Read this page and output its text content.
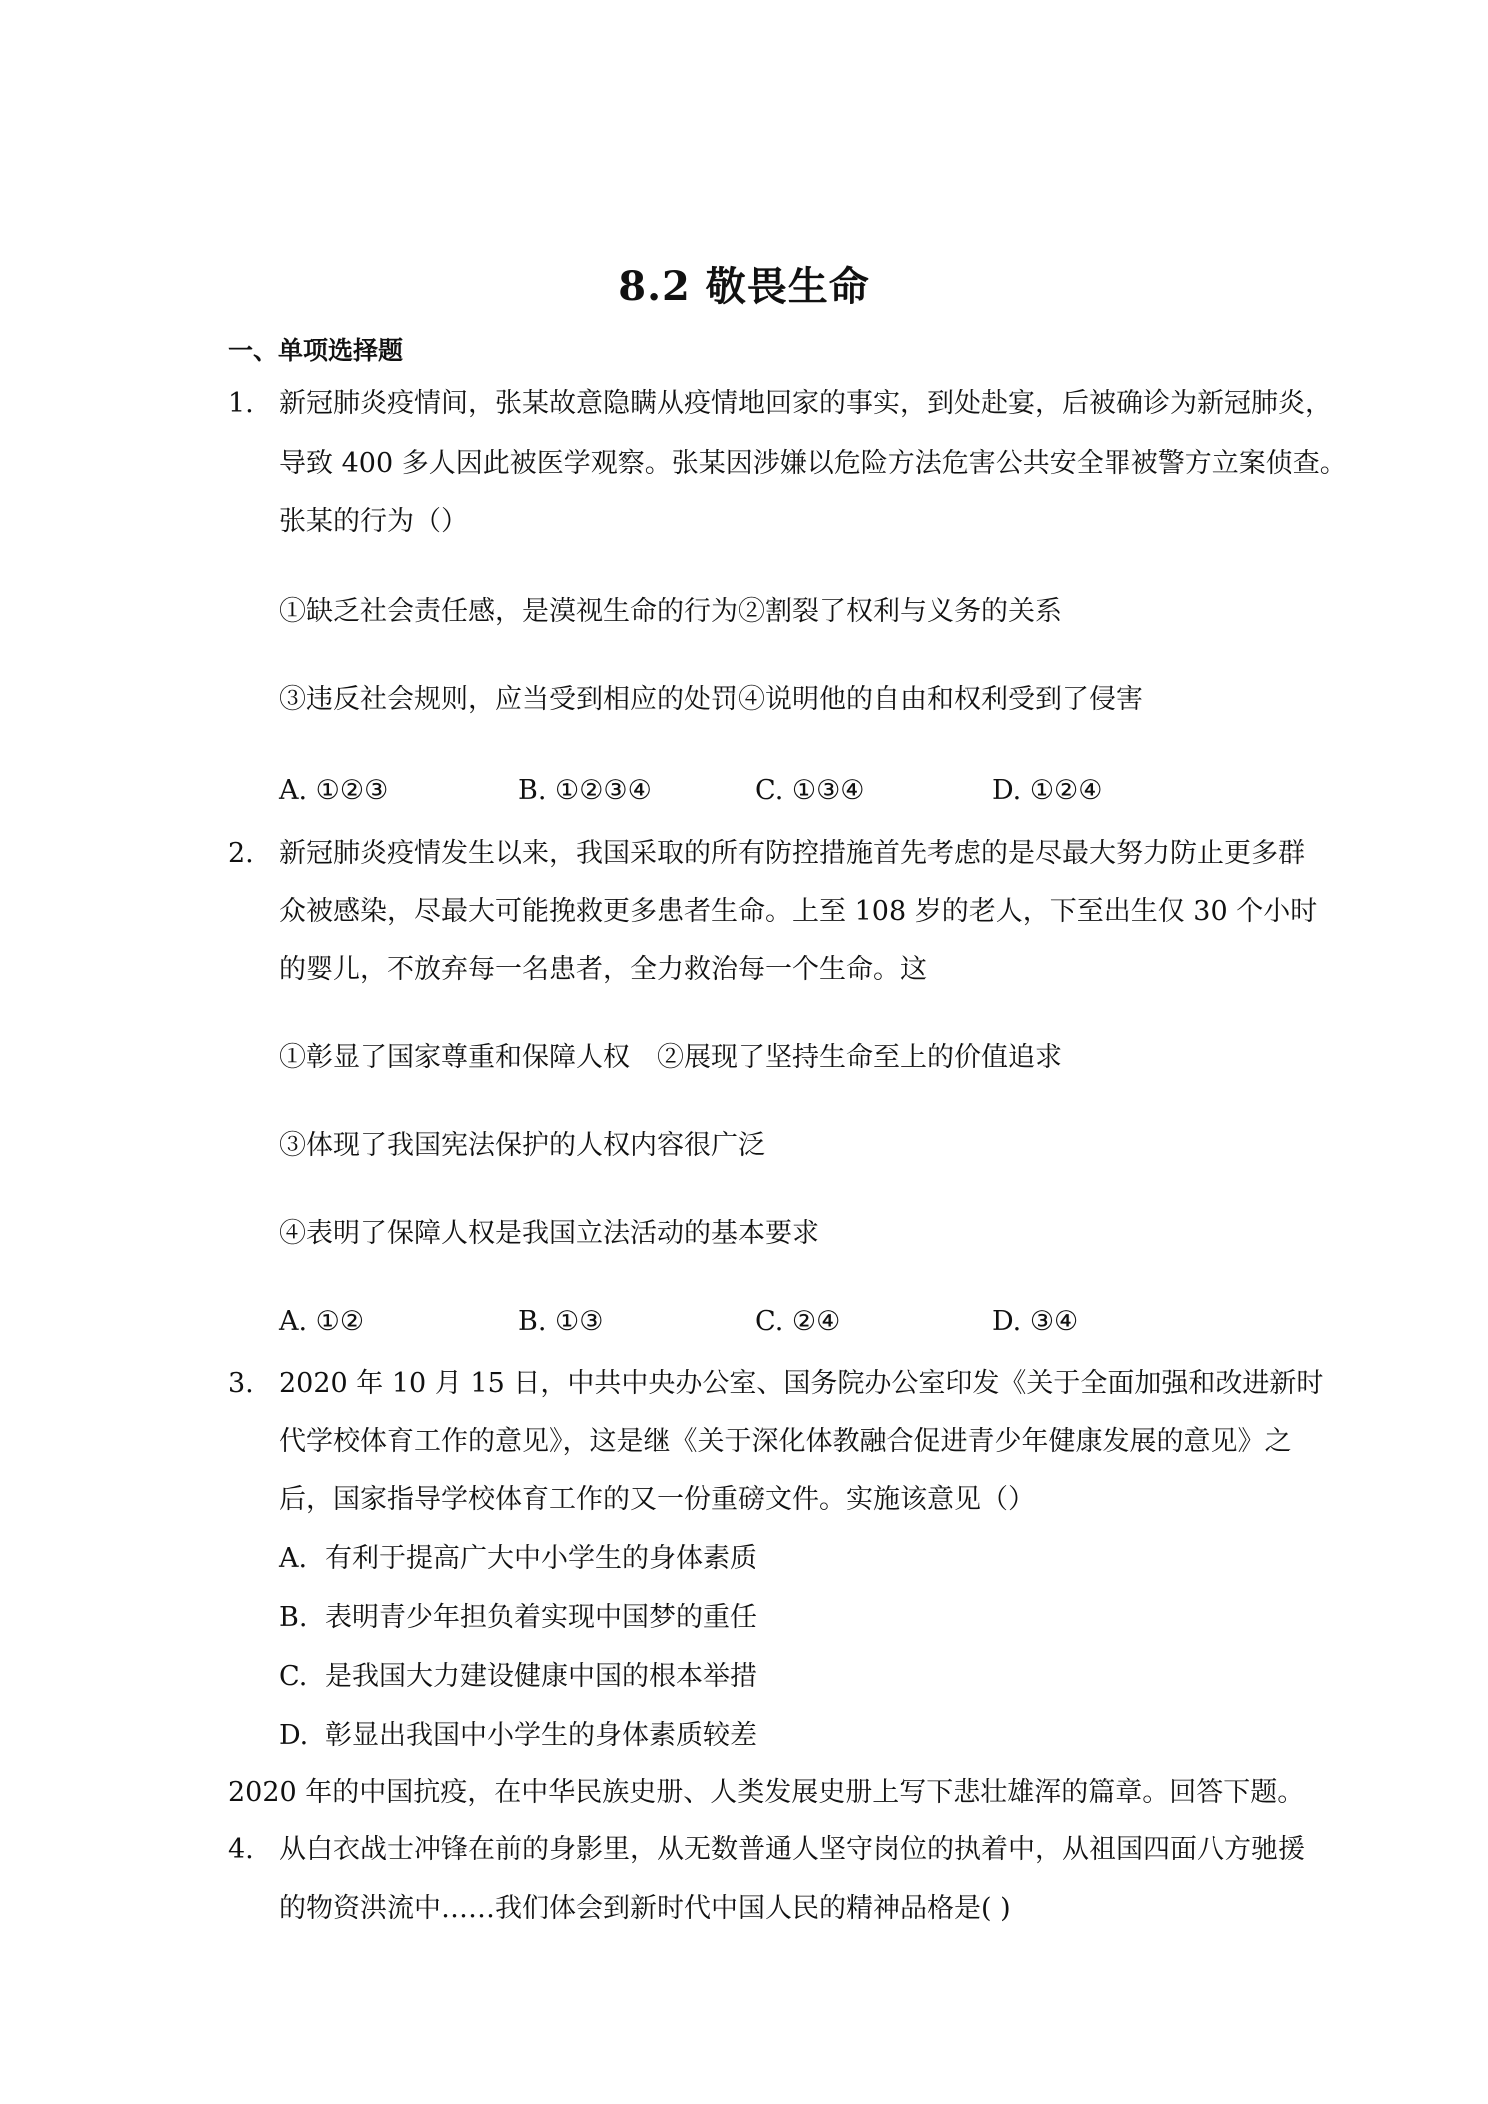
8.2 敬畏生命
一、单项选择题
1. 新冠肺炎疫情间，张某故意隐瞒从疫情地回家的事实，到处赴宴，后被确诊为新冠肺炎，
导致 400 多人因此被医学观察。张某因涉嫌以危险方法危害公共安全罪被警方立案侦查。
张某的行为（）
①缺乏社会责任感，是漠视生命的行为②割裂了权利与义务的关系
③违反社会规则，应当受到相应的处罚④说明他的自由和权利受到了侵害
A. ①②③	B. ①②③④	C. ①③④	D. ①②④
2. 新冠肺炎疫情发生以来，我国采取的所有防控措施首先考虑的是尽最大努力防止更多群
众被感染，尽最大可能挽救更多患者生命。上至 108 岁的老人，下至出生仅 30 个小时
的婴儿，不放弃每一名患者，全力救治每一个生命。这
①彰显了国家尊重和保障人权　②展现了坚持生命至上的价值追求
③体现了我国宪法保护的人权内容很广泛
④表明了保障人权是我国立法活动的基本要求
A. ①②	B. ①③	C. ②④	D. ③④
3. 2020 年 10 月 15 日，中共中央办公室、国务院办公室印发《关于全面加强和改进新时
代学校体育工作的意见》，这是继《关于深化体教融合促进青少年健康发展的意见》之
后，国家指导学校体育工作的又一份重磅文件。实施该意见（）
A. 有利于提高广大中小学生的身体素质
B. 表明青少年担负着实现中国梦的重任
C. 是我国大力建设健康中国的根本举措
D. 彰显出我国中小学生的身体素质较差
2020 年的中国抗疫，在中华民族史册、人类发展史册上写下悲壮雄浑的篇章。回答下题。
4. 从白衣战士冲锋在前的身影里，从无数普通人坚守岗位的执着中，从祖国四面八方驰援
的物资洪流中……我们体会到新时代中国人民的精神品格是( )
